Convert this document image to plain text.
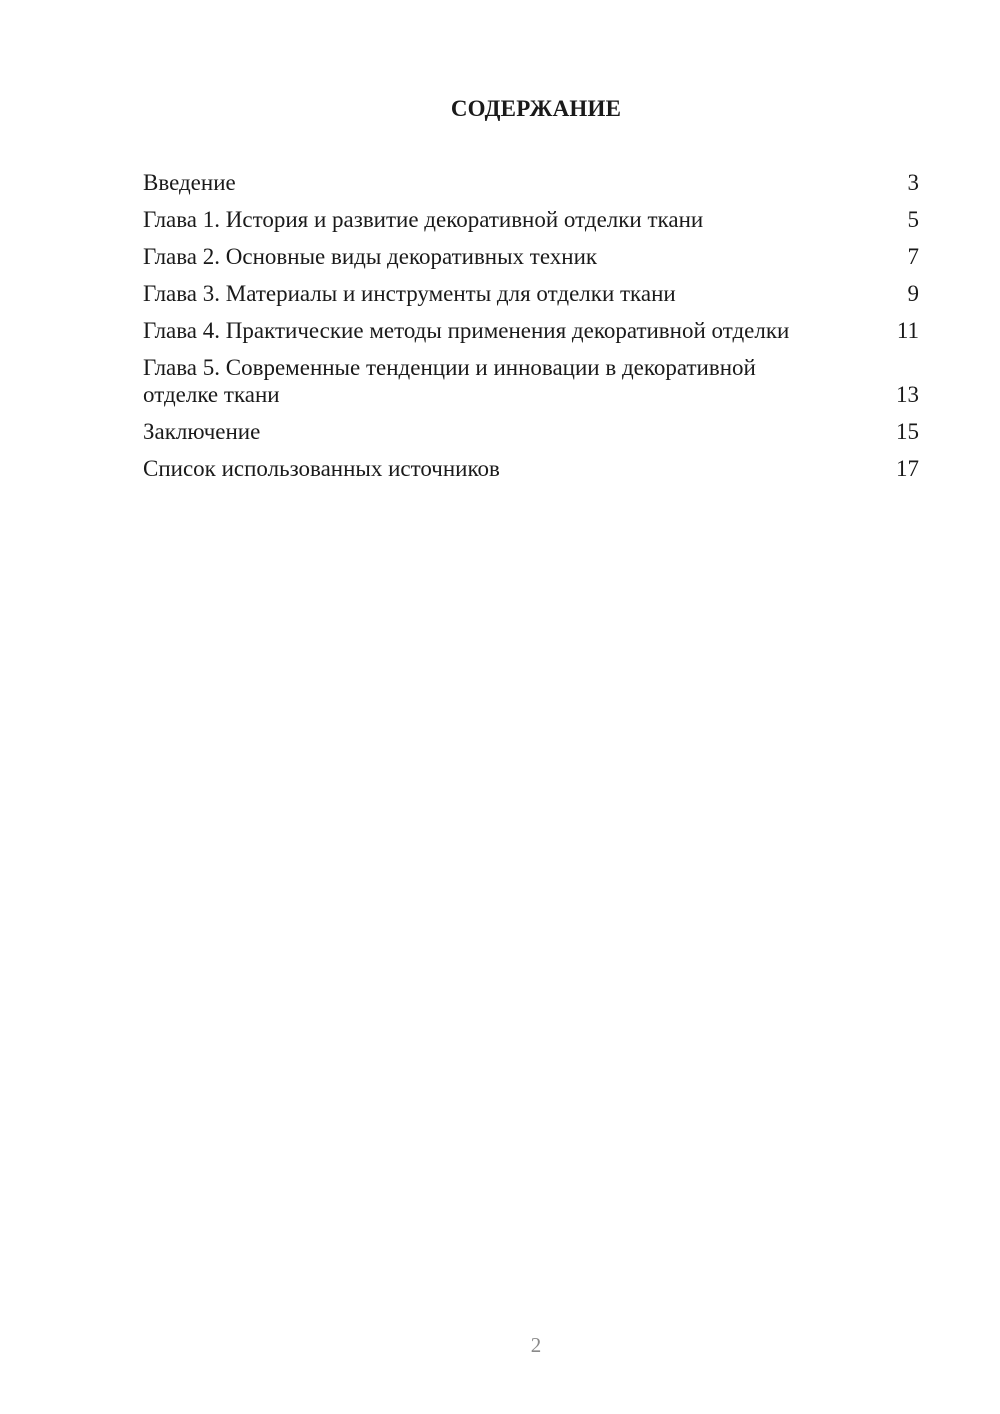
СОДЕРЖАНИЕ
Введение	3
Глава 1. История и развитие декоративной отделки ткани	5
Глава 2. Основные виды декоративных техник	7
Глава 3. Материалы и инструменты для отделки ткани	9
Глава 4. Практические методы применения декоративной отделки	11
Глава 5. Современные тенденции и инновации в декоративной отделке ткани	13
Заключение	15
Список использованных источников	17
2
